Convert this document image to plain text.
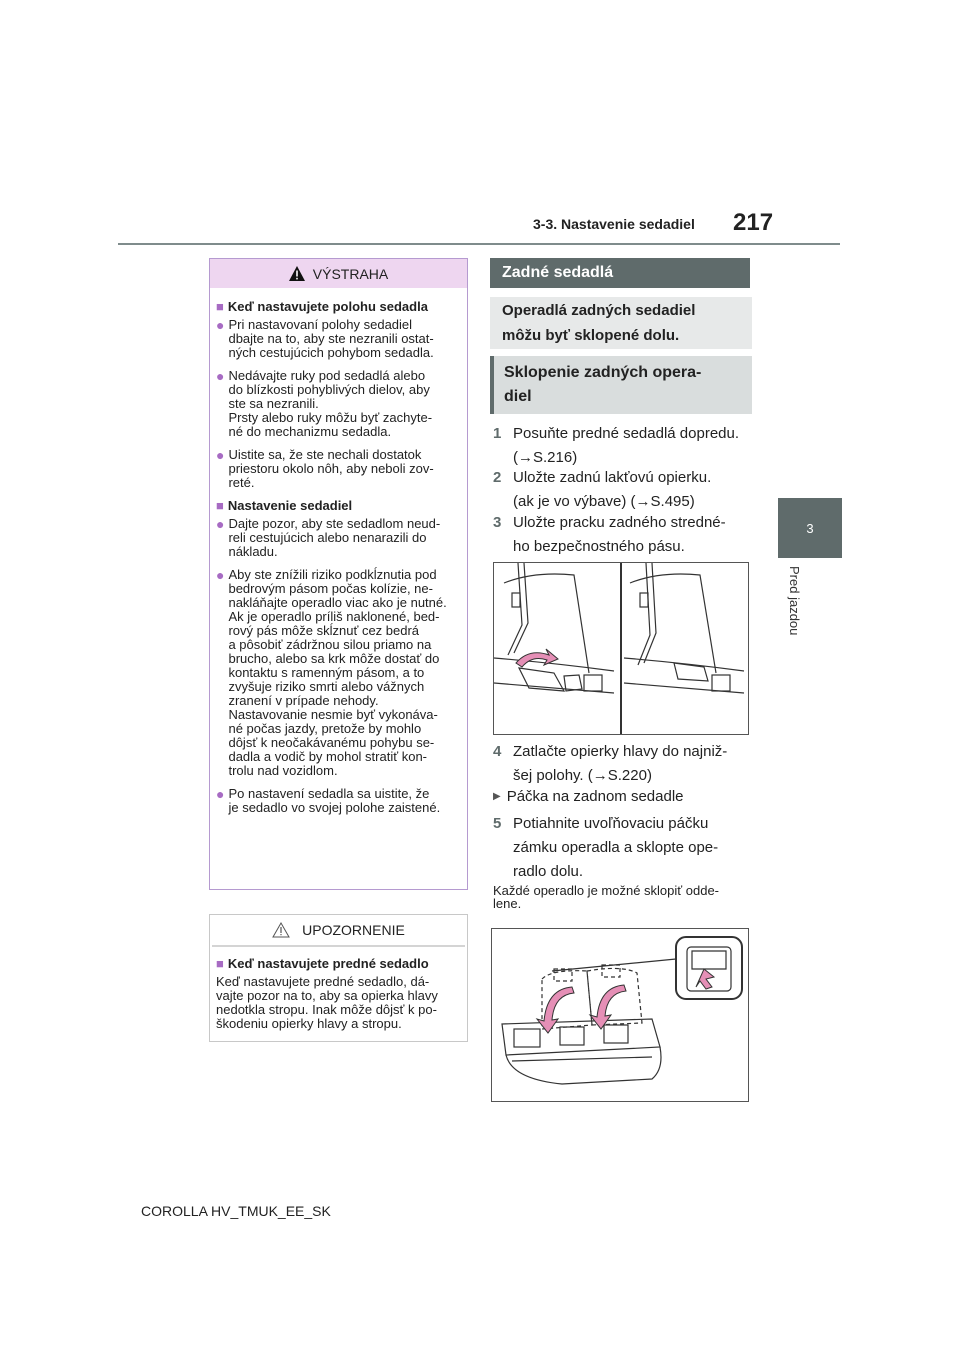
3-3. Nastavenie sedadiel 217
3
Pred jazdou
VÝSTRAHA
■ Keď nastavujete polohu sedadla
● Pri nastavovaní polohy sedadiel
dbajte na to, aby ste nezranili ostat-
ných cestujúcich pohybom sedadla.

● Nedávajte ruky pod sedadlá alebo
do blízkosti pohyblivých dielov, aby
ste sa nezranili.
Prsty alebo ruky môžu byť zachyte-
né do mechanizmu sedadla.

● Uistite sa, že ste nechali dostatok
priestoru okolo nôh, aby neboli zov-
reté.

■ Nastavenie sedadiel
● Dajte pozor, aby ste sedadlom neud-
reli cestujúcich alebo nenarazili do
nákladu.

● Aby ste znížili riziko podkĺznutia pod
bedrovým pásom počas kolízie, ne-
nakláňajte operadlo viac ako je nutné.
Ak je operadlo príliš naklonené, bed-
rový pás môže skĺznuť cez bedrá
a pôsobiť zádržnou silou priamo na
brucho, alebo sa krk môže dostať do
kontaktu s ramenným pásom, a to
zvyšuje riziko smrti alebo vážnych
zranení v prípade nehody.
Nastavovanie nesmie byť vykonáva-
né počas jazdy, pretože by mohlo
dôjsť k neočakávanému pohybu se-
dadla a vodič by mohol stratiť kon-
trolu nad vozidlom.

● Po nastavení sedadla sa uistite, že
je sedadlo vo svojej polohe zaistené.

UPOZORNENIE
■ Keď nastavujete predné sedadlo

Keď nastavujete predné sedadlo, dá-
vajte pozor na to, aby sa opierka hlavy
nedotkla stropu. Inak môže dôjsť k po-
škodeniu opierky hlavy a stropu.

Zadné sedadlá
Operadlá zadných sedadiel
môžu byť sklopené dolu.
Sklopenie zadných opera-
diel
1 Posuňte predné sedadlá dopredu.
(→S.216)

2 Uložte zadnú lakťovú opierku.
(ak je vo výbave) (→S.495)

3 Uložte pracku zadného stredné-
ho bezpečnostného pásu.

4 Zatlačte opierky hlavy do najniž-
šej polohy. (→S.220)

▶ Páčka na zadnom sedadle
5 Potiahnite uvoľňovaciu páčku
zámku operadla a sklopte ope-
radlo dolu.

Každé operadlo je možné sklopiť odde-
lene.
COROLLA HV_TMUK_EE_SK
